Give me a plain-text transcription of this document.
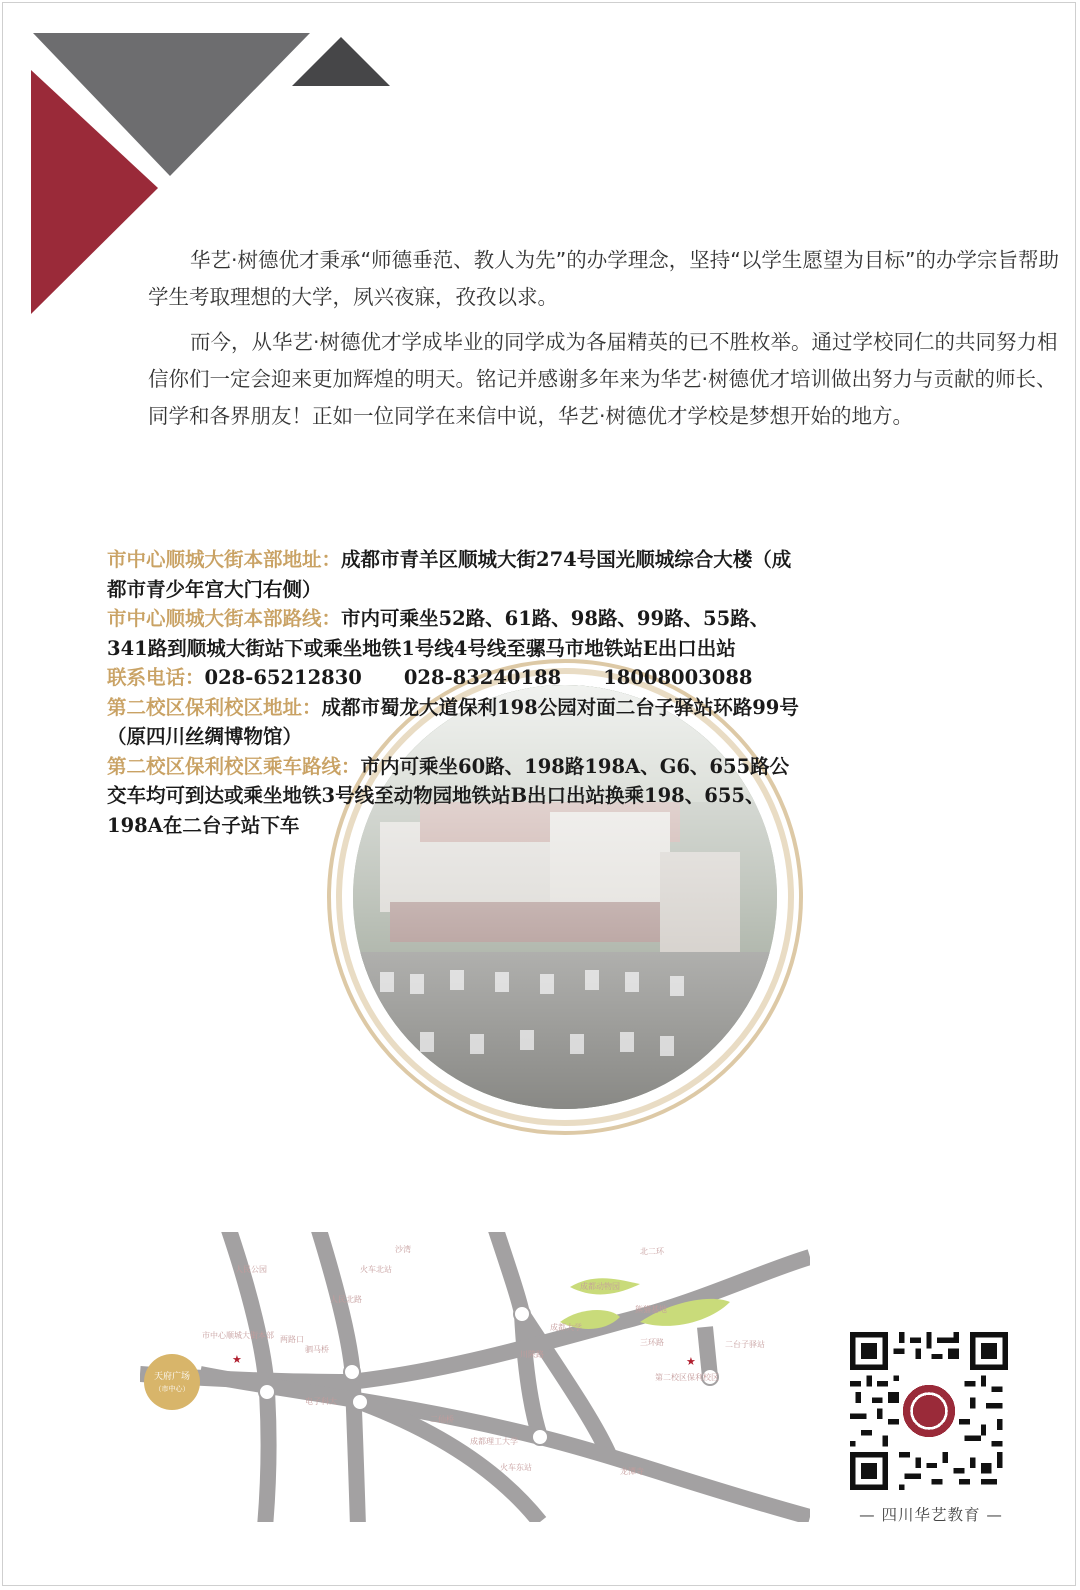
华艺·树德优才秉承“师德垂范、教人为先”的办学理念，坚持“以学生愿望为目标”的办学宗旨帮助学生考取理想的大学，夙兴夜寐，孜孜以求。

而今，从华艺·树德优才学成毕业的同学成为各届精英的已不胜枚举。通过学校同仁的共同努力相信你们一定会迎来更加辉煌的明天。铭记并感谢多年来为华艺·树德优才培训做出努力与贡献的师长、同学和各界朋友！正如一位同学在来信中说，华艺·树德优才学校是梦想开始的地方。

市中心顺城大街本部地址：成都市青羊区顺城大街274号国光顺城综合大楼（成都市青少年宫大门右侧）

市中心顺城大街本部路线：市内可乘坐52路、61路、98路、99路、55路、341路到顺城大街站下或乘坐地铁1号线4号线至骡马市地铁站E出口出站

联系电话：028-65212830 028-83240188 18008003088

第二校区保利校区地址：成都市蜀龙大道保利198公园对面二台子驿站环路99号（原四川丝绸博物馆）

第二校区保利校区乘车路线：市内可乘坐60路、198路198A、G6、655路公交车均可到达或乘坐地铁3号线至动物园地铁站B出口出站换乘198、655、198A在二台子站下车

天府广场
（市中心）
★
市中心顺城大街本部
★
第二校区保利校区
火车北站
人民北路
两路口
驷马桥
成都动物园
熊猫基地
成都大学
三环路	二台子驿站
川陕路
成都理工大学
电子科大
二仙桥
火车东站	龙潭寺
沙湾
人民公园
北二环
— 四川华艺教育 —
